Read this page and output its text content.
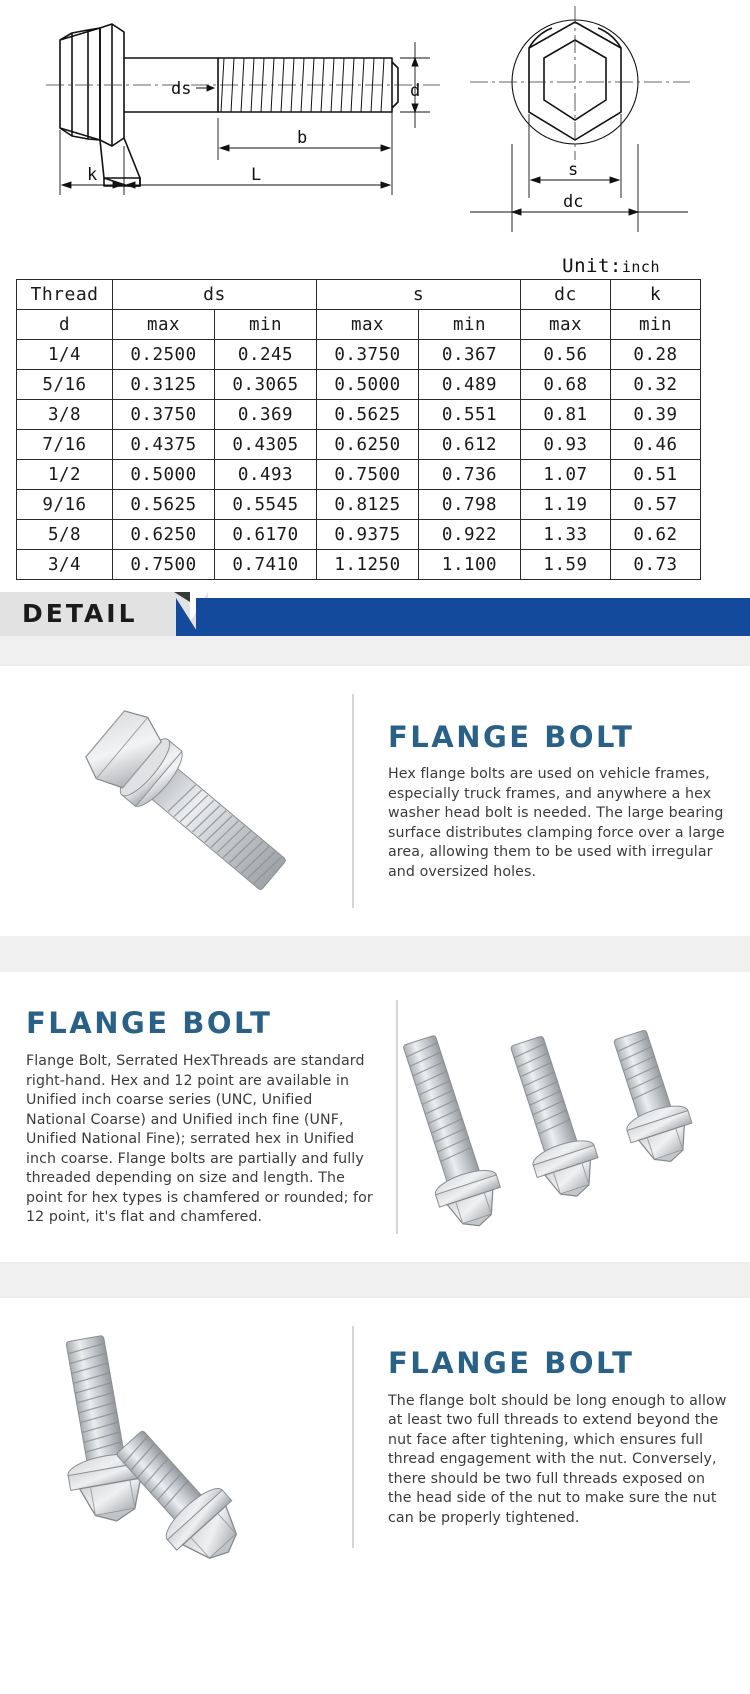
ds	d
b
L
k	s
dc
Unit:inch
Thread	ds		s		dc	k
d	max	min	max	min	max	min
1/4	0.2500	0.245	0.3750	0.367	0.56	0.28
5/16	0.3125	0.3065	0.5000	0.489	0.68	0.32
3/8	0.3750	0.369	0.5625	0.551	0.81	0.39
7/16	0.4375	0.4305	0.6250	0.612	0.93	0.46
1/2	0.5000	0.493	0.7500	0.736	1.07	0.51
9/16	0.5625	0.5545	0.8125	0.798	1.19	0.57
5/8	0.6250	0.6170	0.9375	0.922	1.33	0.62
3/4	0.7500	0.7410	1.1250	1.100	1.59	0.73
DETAIL
FLANGE BOLT

Hex flange bolts are used on vehicle frames, especially truck frames, and anywhere a hex washer head bolt is needed. The large bearing surface distributes clamping force over a large area, allowing them to be used with irregular and oversized holes.

FLANGE BOLT

Flange Bolt, Serrated HexThreads are standard right-hand. Hex and 12 point are available in Unified inch coarse series (UNC, Unified National Coarse) and Unified inch fine (UNF, Unified National Fine); serrated hex in Unified inch coarse. Flange bolts are partially and fully threaded depending on size and length. The point for hex types is chamfered or rounded; for 12 point, it's flat and chamfered.

FLANGE BOLT

The flange bolt should be long enough to allow at least two full threads to extend beyond the nut face after tightening, which ensures full thread engagement with the nut. Conversely, there should be two full threads exposed on the head side of the nut to make sure the nut can be properly tightened.
